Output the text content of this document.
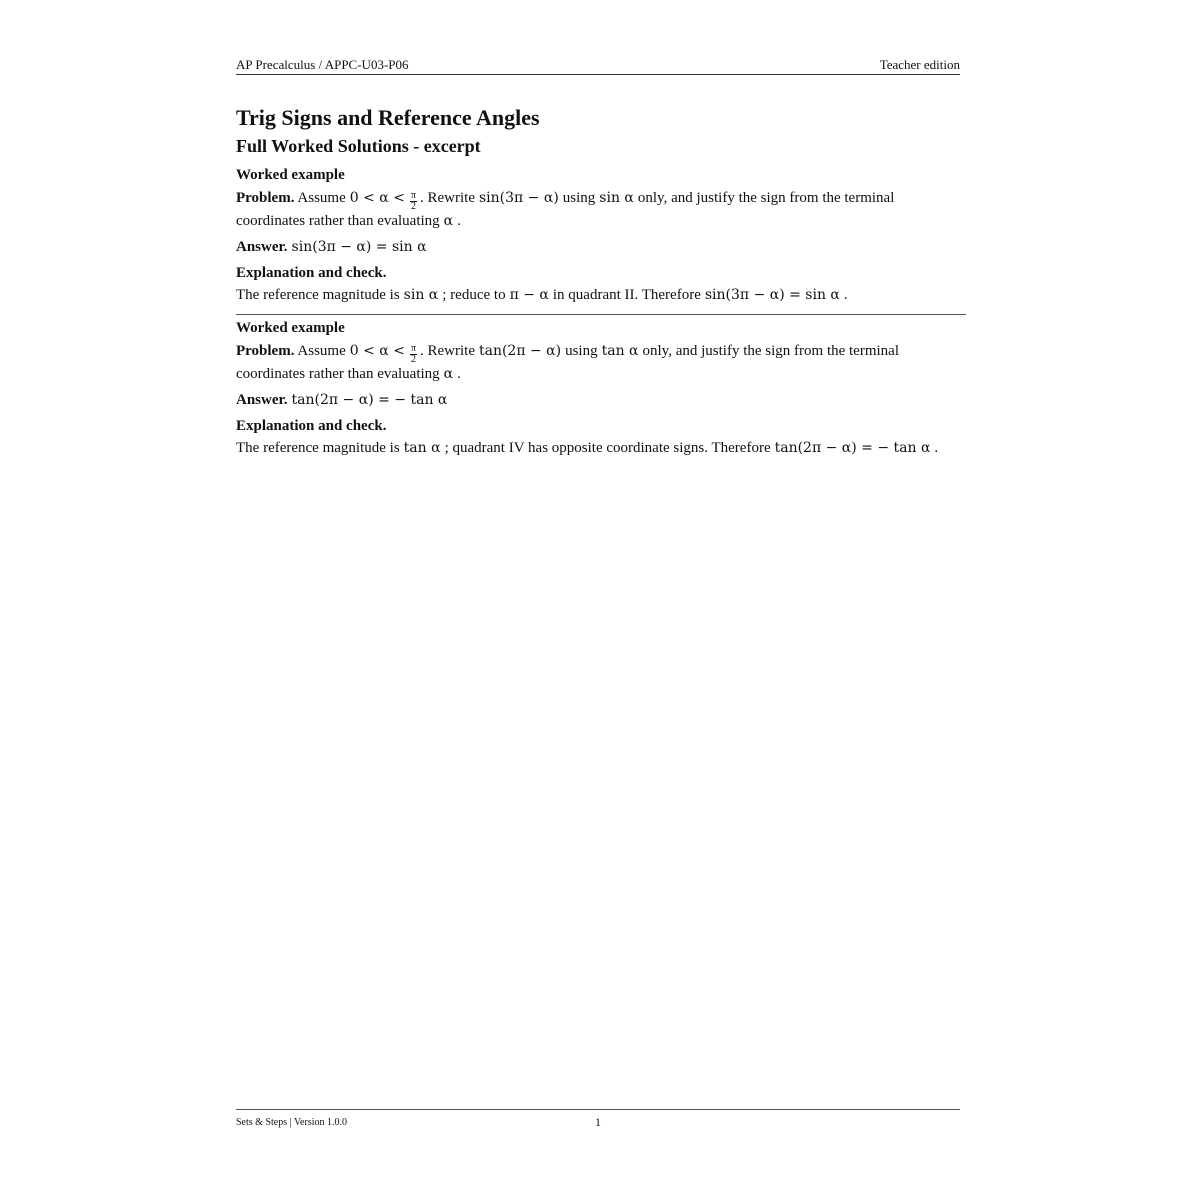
AP Precalculus / APPC-U03-P06	Teacher edition
Trig Signs and Reference Angles
Full Worked Solutions - excerpt
Worked example

Problem. Assume $0 < \alpha < \frac{\pi}{2}$ . Rewrite sin(3π − α) using sin α only, and justify the sign from the terminal coordinates rather than evaluating α .

Answer. sin(3π − α) = sin α

Explanation and check.

The reference magnitude is sin α ; reduce to π − α in quadrant II. Therefore sin(3π − α) = sin α .

Worked example

Problem. Assume $0 < \alpha < \frac{\pi}{2}$ . Rewrite tan(2π − α) using tan α only, and justify the sign from the terminal coordinates rather than evaluating α .

Answer. tan(2π − α) = − tan α

Explanation and check.

The reference magnitude is tan α ; quadrant IV has opposite coordinate signs. Therefore tan(2π − α) = − tan α .

Sets & Steps | Version 1.0.0	1
